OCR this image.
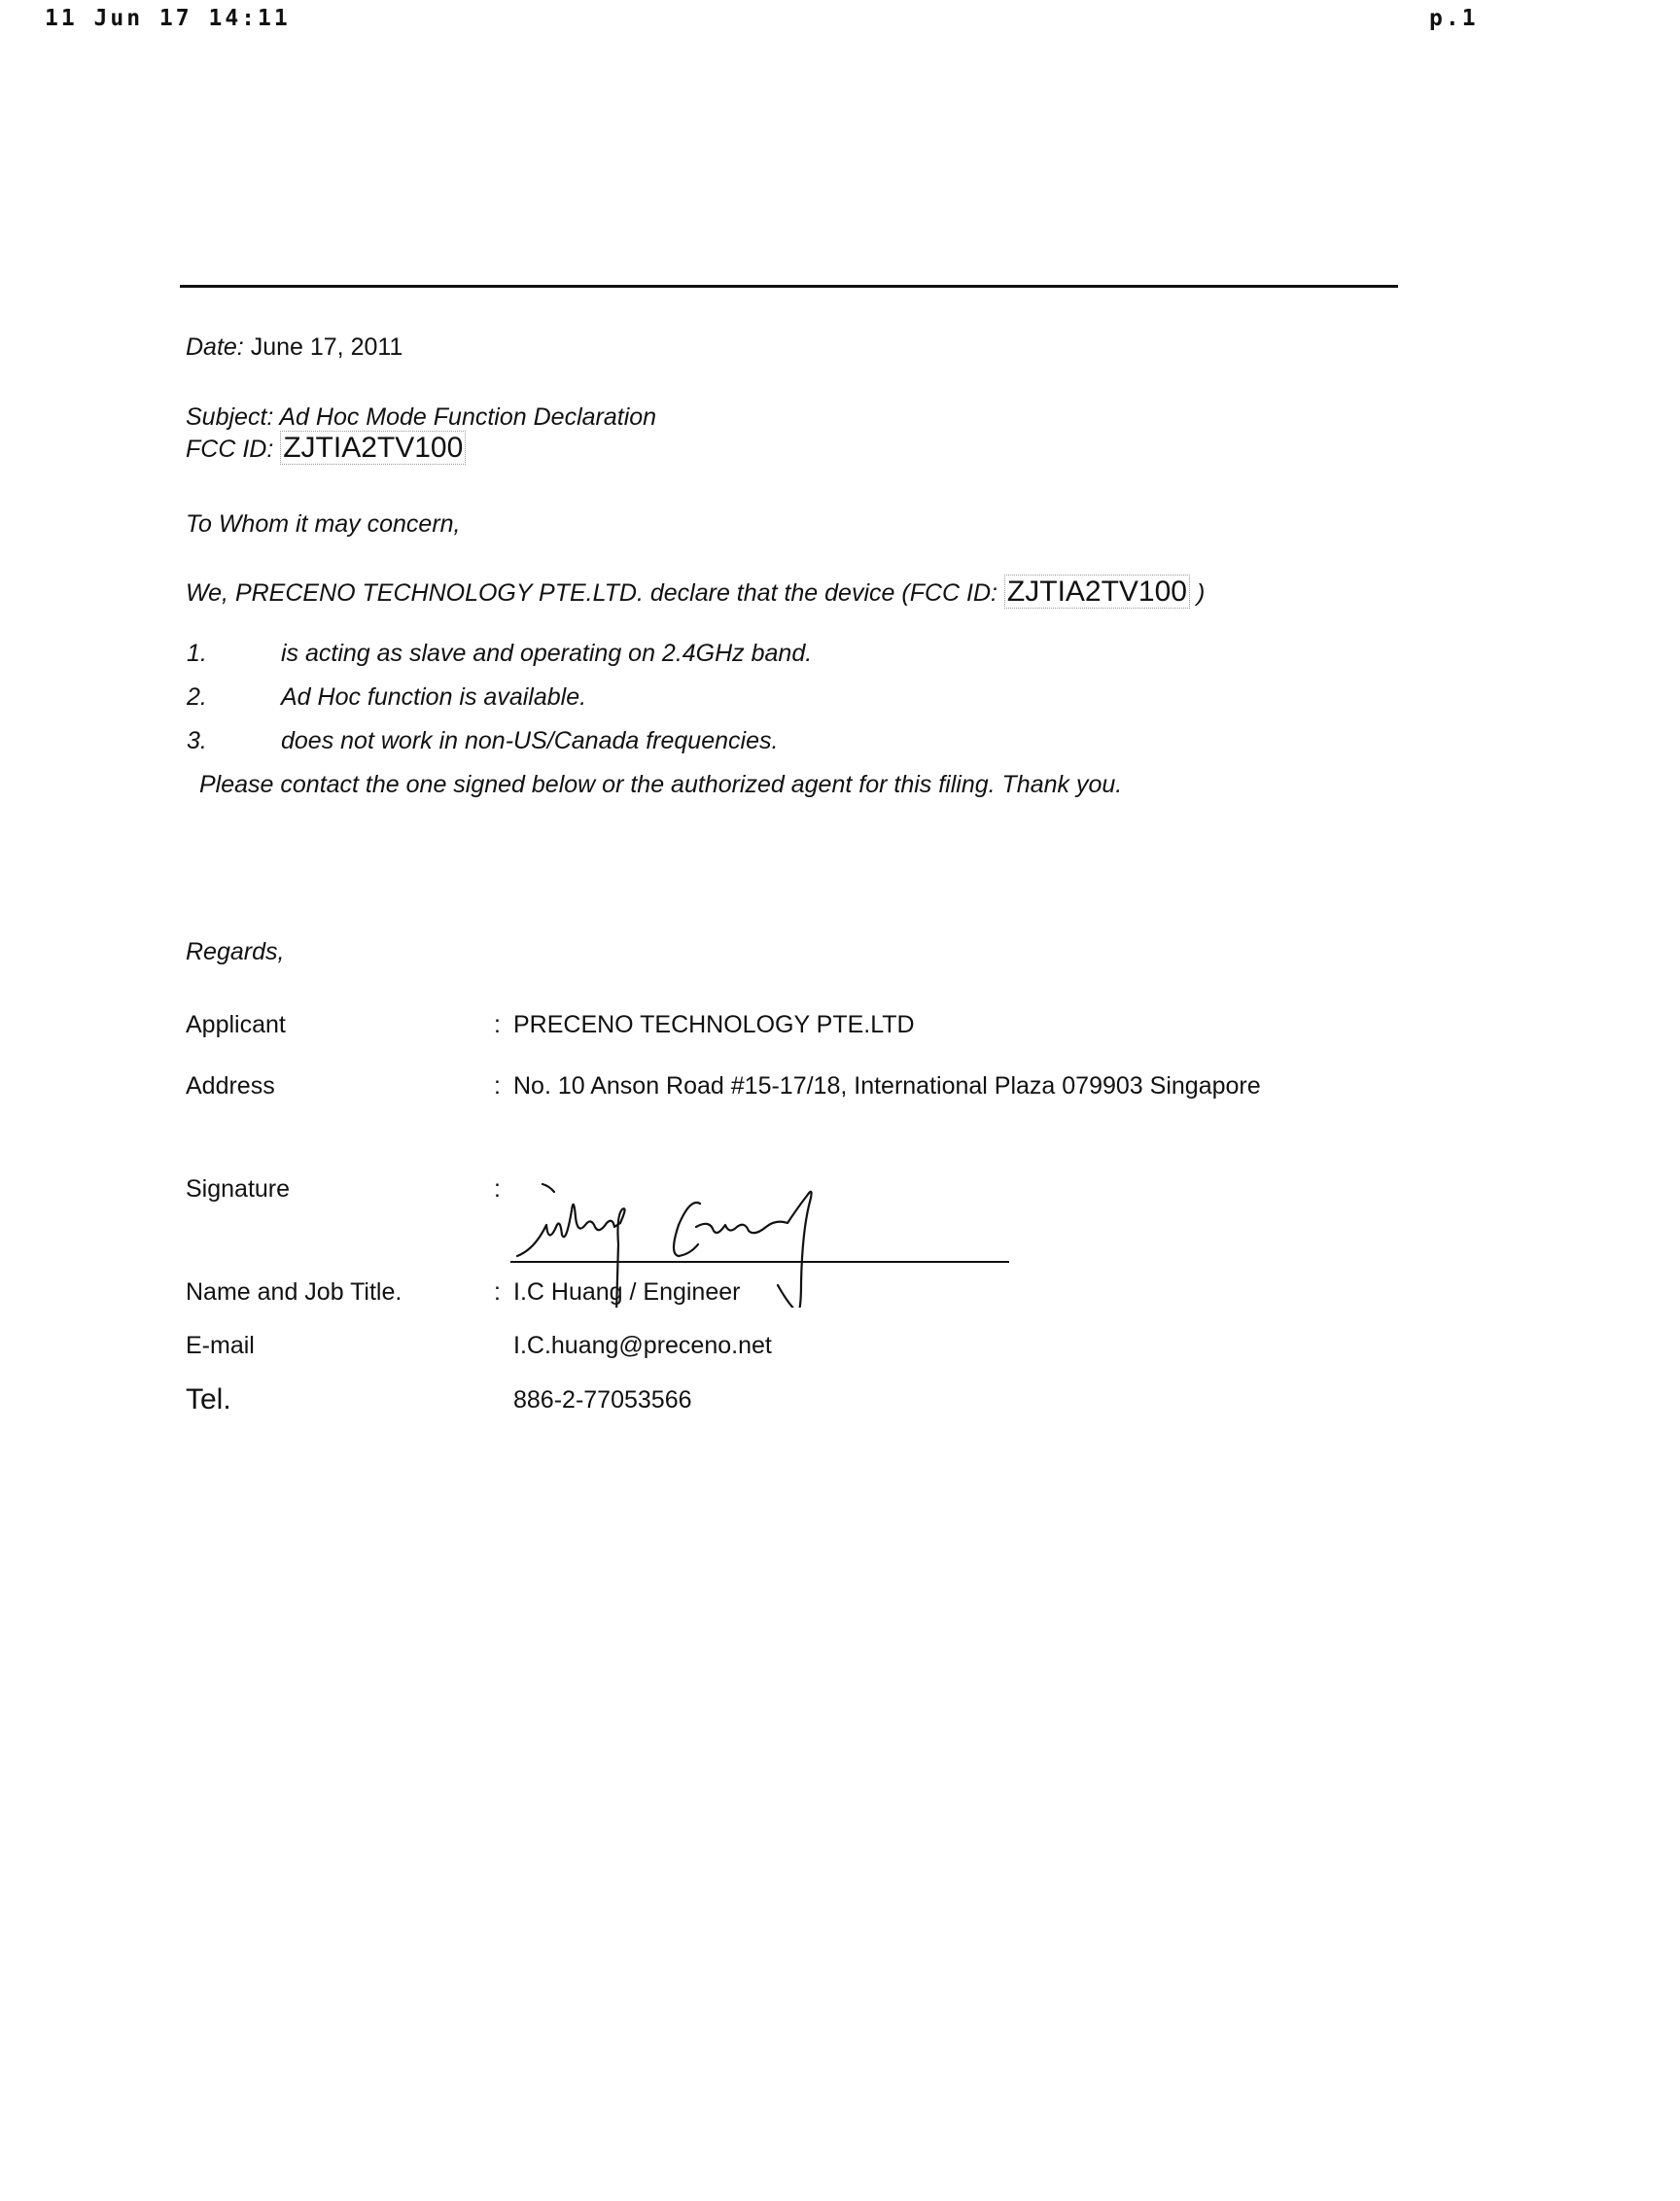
11 Jun 17 14:11	p.1
Date: June 17, 2011
Subject: Ad Hoc Mode Function Declaration
FCC ID: ZJTIA2TV100
To Whom it may concern,
We, PRECENO TECHNOLOGY PTE.LTD. declare that the device (FCC ID: ZJTIA2TV100 )
1.	is acting as slave and operating on 2.4GHz band.
2.	Ad Hoc function is available.
3.	does not work in non-US/Canada frequencies.
Please contact the one signed below or the authorized agent for this filing. Thank you.
Regards,
Applicant	: PRECENO TECHNOLOGY PTE.LTD
Address	: No. 10 Anson Road #15-17/18, International Plaza 079903 Singapore
Signature	:
Name and Job Title.	: I.C Huang / Engineer
E-mail	I.C.huang@preceno.net
Tel.	886-2-77053566
